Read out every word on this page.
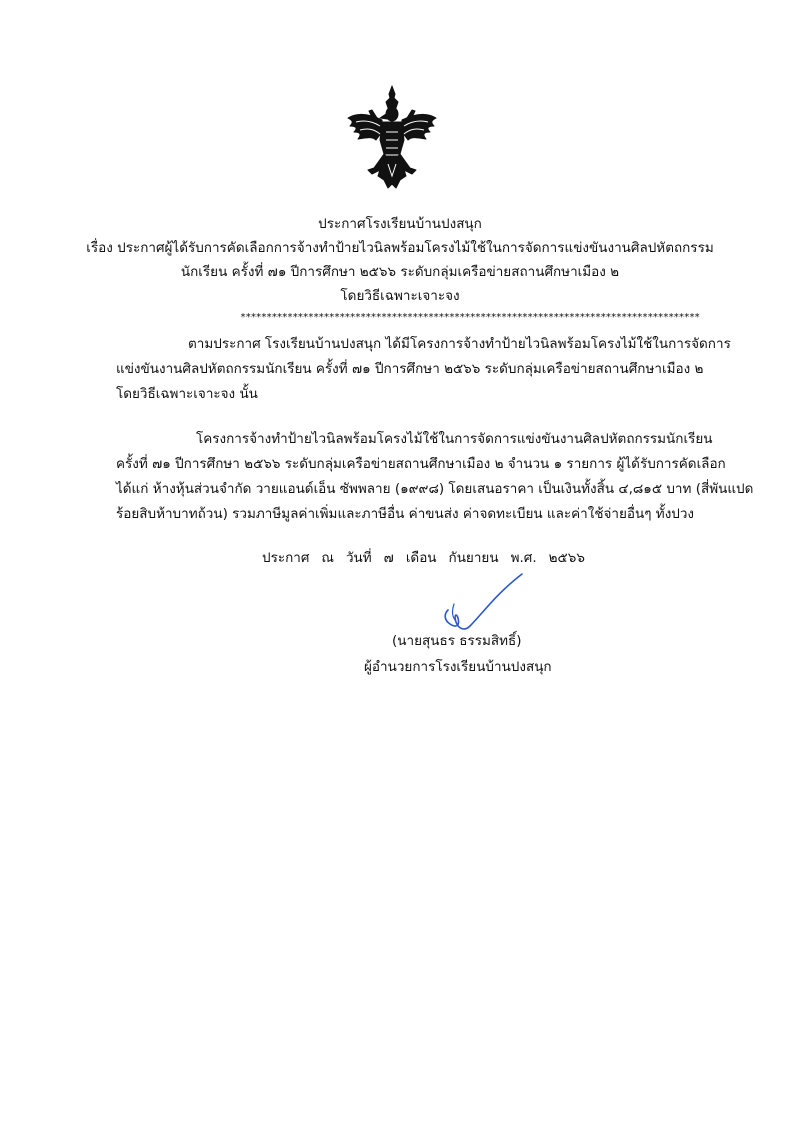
ประกาศโรงเรียนบ้านปงสนุก
เรื่อง ประกาศผู้ได้รับการคัดเลือกการจ้างทำป้ายไวนิลพร้อมโครงไม้ใช้ในการจัดการแข่งขันงานศิลปหัตถกรรม
นักเรียน ครั้งที่ ๗๑ ปีการศึกษา ๒๕๖๖ ระดับกลุ่มเครือข่ายสถานศึกษาเมือง ๒
โดยวิธีเฉพาะเจาะจง
****************************************************************************************
ตามประกาศ โรงเรียนบ้านปงสนุก ได้มีโครงการจ้างทำป้ายไวนิลพร้อมโครงไม้ใช้ในการจัดการ
แข่งขันงานศิลปหัตถกรรมนักเรียน ครั้งที่ ๗๑ ปีการศึกษา ๒๕๖๖ ระดับกลุ่มเครือข่ายสถานศึกษาเมือง ๒
โดยวิธีเฉพาะเจาะจง นั้น
โครงการจ้างทำป้ายไวนิลพร้อมโครงไม้ใช้ในการจัดการแข่งขันงานศิลปหัตถกรรมนักเรียน
ครั้งที่ ๗๑ ปีการศึกษา ๒๕๖๖ ระดับกลุ่มเครือข่ายสถานศึกษาเมือง ๒ จำนวน ๑ รายการ ผู้ได้รับการคัดเลือก
ได้แก่ ห้างหุ้นส่วนจำกัด วายแอนด์เอ็น ซัพพลาย (๑๙๙๘) โดยเสนอราคา เป็นเงินทั้งสิ้น ๔,๘๑๕ บาท (สี่พันแปด
ร้อยสิบห้าบาทถ้วน) รวมภาษีมูลค่าเพิ่มและภาษีอื่น ค่าขนส่ง ค่าจดทะเบียน และค่าใช้จ่ายอื่นๆ ทั้งปวง
ประกาศ ณ วันที่ ๗ เดือน กันยายน พ.ศ. ๒๕๖๖
(นายสุนธร ธรรมสิทธิ์)
ผู้อำนวยการโรงเรียนบ้านปงสนุก
